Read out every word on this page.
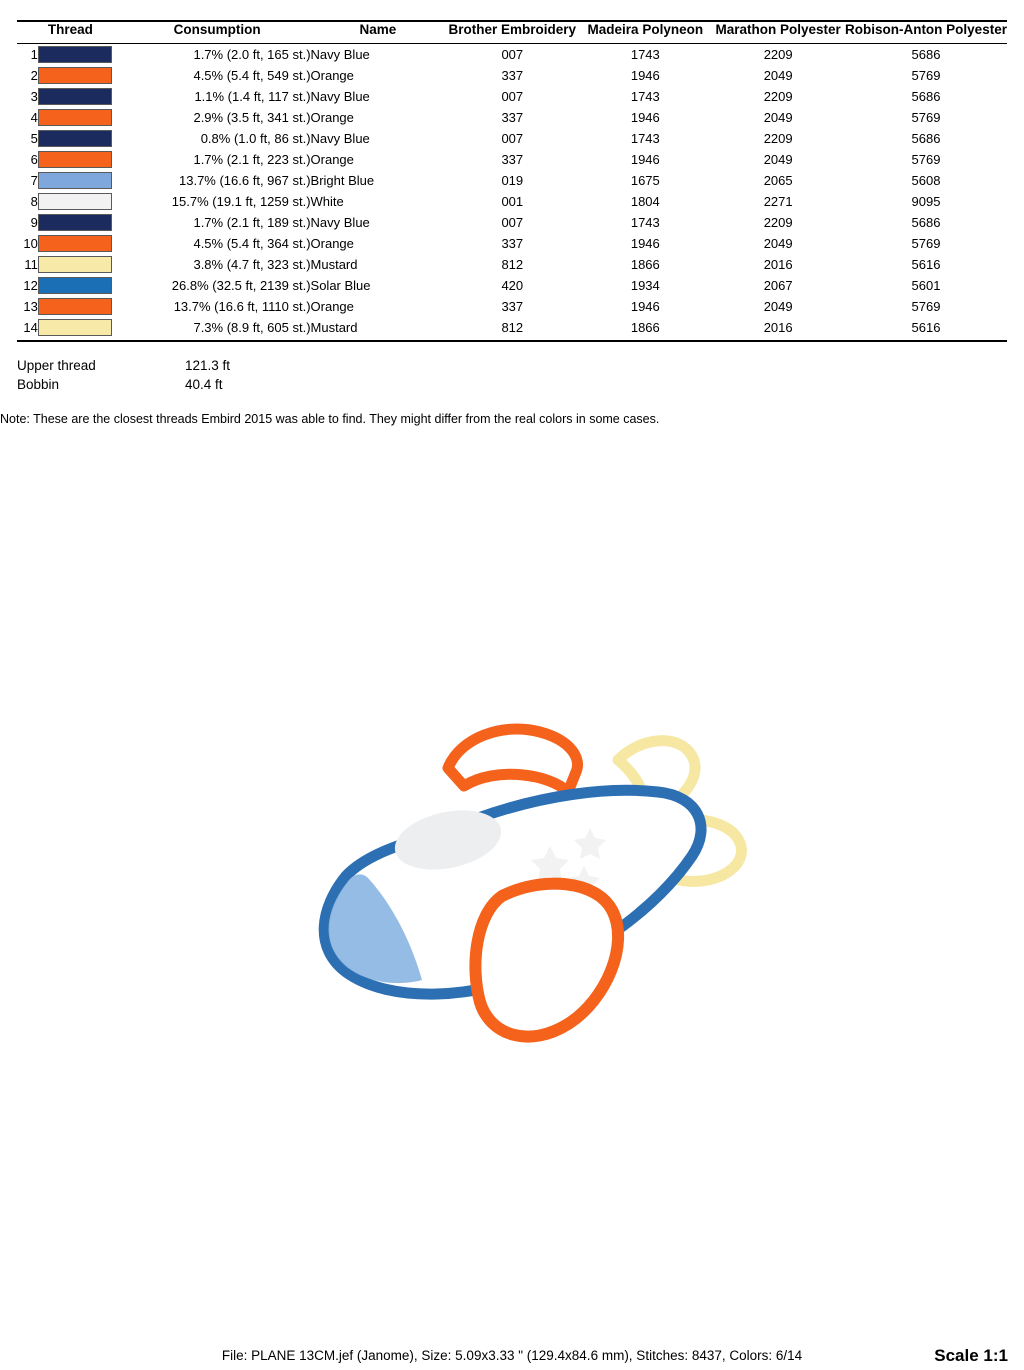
Thread		Consumption	Name	Brother Embroidery	Madeira Polyneon	Marathon Polyester	Robison-Anton Polyester

1		1.7% (2.0 ft, 165 st.)	Navy Blue	007	1743	2209	5686
2		4.5% (5.4 ft, 549 st.)	Orange	337	1946	2049	5769
3		1.1% (1.4 ft, 117 st.)	Navy Blue	007	1743	2209	5686
4		2.9% (3.5 ft, 341 st.)	Orange	337	1946	2049	5769
5		0.8% (1.0 ft, 86 st.)	Navy Blue	007	1743	2209	5686
6		1.7% (2.1 ft, 223 st.)	Orange	337	1946	2049	5769
7		13.7% (16.6 ft, 967 st.)	Bright Blue	019	1675	2065	5608
8		15.7% (19.1 ft, 1259 st.)	White	001	1804	2271	9095
9		1.7% (2.1 ft, 189 st.)	Navy Blue	007	1743	2209	5686
10		4.5% (5.4 ft, 364 st.)	Orange	337	1946	2049	5769
11		3.8% (4.7 ft, 323 st.)	Mustard	812	1866	2016	5616
12		26.8% (32.5 ft, 2139 st.)	Solar Blue	420	1934	2067	5601
13		13.7% (16.6 ft, 1110 st.)	Orange	337	1946	2049	5769
14		7.3% (8.9 ft, 605 st.)	Mustard	812	1866	2016	5616
Upper thread	121.3 ft
Bobbin	40.4 ft
Note: These are the closest threads Embird 2015 was able to find. They might differ from the real colors in some cases.
File: PLANE 13CM.jef (Janome), Size: 5.09x3.33 " (129.4x84.6 mm), Stitches: 8437, Colors: 6/14	Scale 1:1
